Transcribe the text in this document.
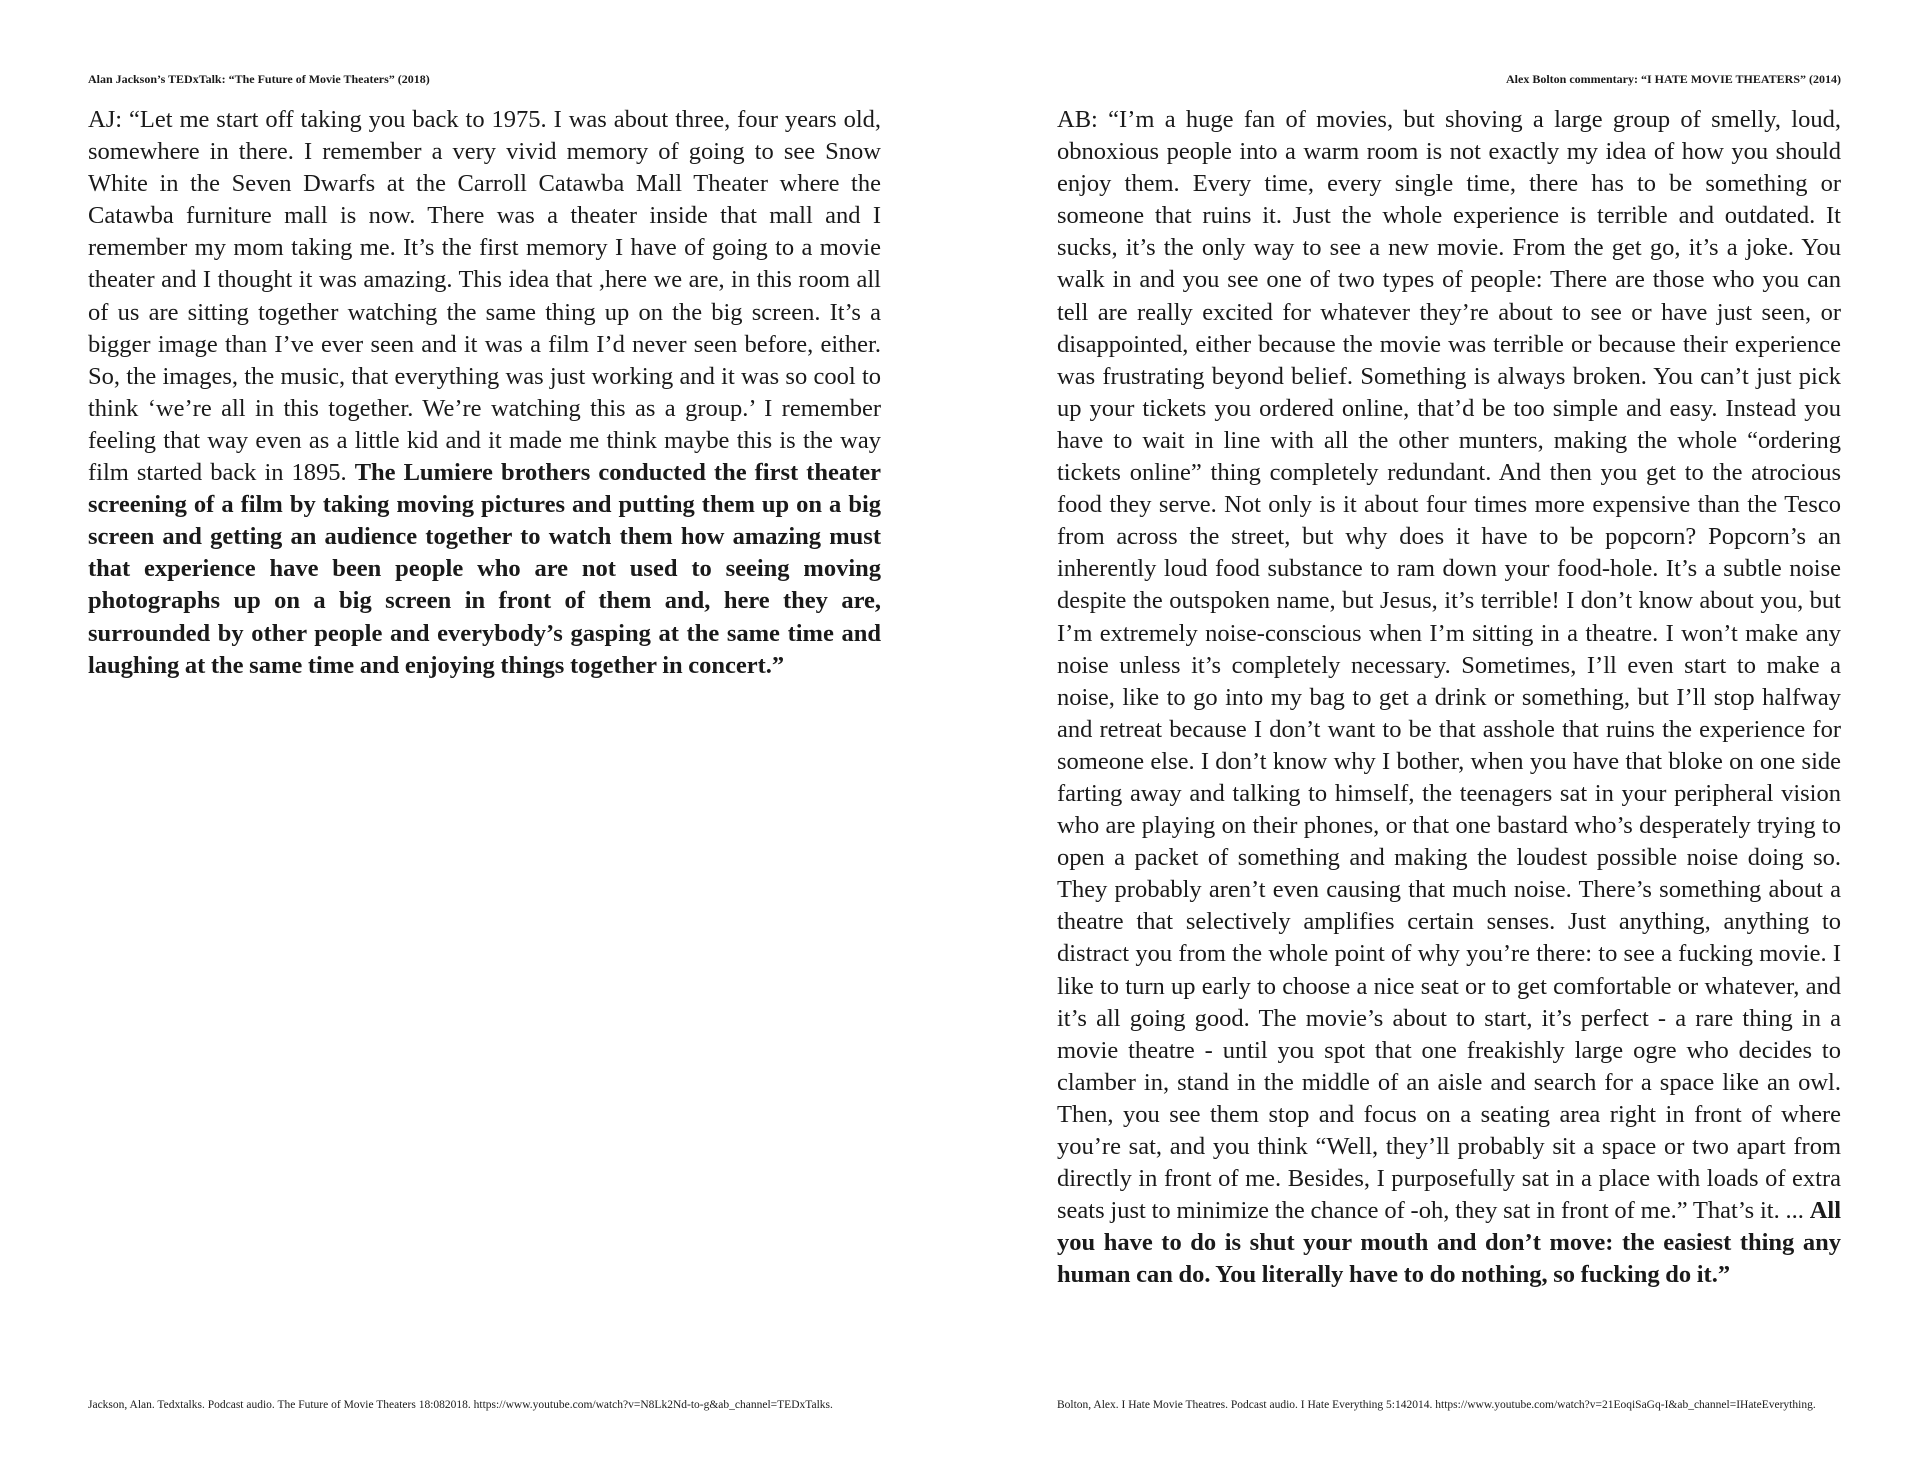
Alan Jackson’s TEDxTalk: “The Future of Movie Theaters” (2018)

AJ: “Let me start off taking you back to 1975. I was about three, four years old, somewhere in there. I remember a very vivid memory of going to see Snow White in the Seven Dwarfs at the Carroll Catawba Mall Theater where the Catawba furniture mall is now. There was a theater inside that mall and I remember my mom taking me. It’s the first memory I have of going to a movie theater and I thought it was amazing. This idea that ,here we are, in this room all of us are sitting together watching the same thing up on the big screen. It’s a bigger image than I’ve ever seen and it was a film I’d never seen before, either. So, the images, the music, that everything was just working and it was so cool to think ‘we’re all in this together. We’re watching this as a group.’ I remember feeling that way even as a little kid and it made me think maybe this is the way film started back in 1895. The Lumiere brothers conducted the first theater screening of a film by taking moving pictures and putting them up on a big screen and getting an audience together to watch them how amazing must that experience have been people who are not used to seeing moving photographs up on a big screen in front of them and, here they are, surrounded by other people and everybody’s gasping at the same time and laughing at the same time and enjoying things together in concert.”

Jackson, Alan. Tedxtalks. Podcast audio. The Future of Movie Theaters 18:082018. https://www.youtube.com/watch?v=N8Lk2Nd-to-g&ab_channel=TEDxTalks.

Alex Bolton commentary: “I HATE MOVIE THEATERS” (2014)

AB: “I’m a huge fan of movies, but shoving a large group of smelly, loud, obnoxious people into a warm room is not exactly my idea of how you should enjoy them. Every time, every single time, there has to be something or someone that ruins it. Just the whole experience is terrible and outdated. It sucks, it’s the only way to see a new movie. From the get go, it’s a joke. You walk in and you see one of two types of people: There are those who you can tell are really excited for whatever they’re about to see or have just seen, or disappointed, either because the movie was terrible or because their experience was frustrating beyond belief. Something is always broken. You can’t just pick up your tickets you ordered online, that’d be too simple and easy. Instead you have to wait in line with all the other munters, making the whole “ordering tickets online” thing completely redundant. And then you get to the atrocious food they serve. Not only is it about four times more expensive than the Tesco from across the street, but why does it have to be popcorn? Popcorn’s an inherently loud food substance to ram down your food-hole. It’s a subtle noise despite the outspoken name, but Jesus, it’s terrible! I don’t know about you, but I’m extremely noise-conscious when I’m sitting in a theatre. I won’t make any noise unless it’s completely necessary. Sometimes, I’ll even start to make a noise, like to go into my bag to get a drink or something, but I’ll stop halfway and retreat because I don’t want to be that asshole that ruins the experience for someone else. I don’t know why I bother, when you have that bloke on one side farting away and talking to himself, the teenagers sat in your peripheral vision who are playing on their phones, or that one bastard who’s desperately trying to open a packet of something and making the loudest possible noise doing so. They probably aren’t even causing that much noise. There’s something about a theatre that selectively amplifies certain senses. Just anything, anything to distract you from the whole point of why you’re there: to see a fucking movie. I like to turn up early to choose a nice seat or to get comfortable or whatever, and it’s all going good. The movie’s about to start, it’s perfect - a rare thing in a movie theatre - until you spot that one freakishly large ogre who decides to clamber in, stand in the middle of an aisle and search for a space like an owl. Then, you see them stop and focus on a seating area right in front of where you’re sat, and you think “Well, they’ll probably sit a space or two apart from directly in front of me. Besides, I purposefully sat in a place with loads of extra seats just to minimize the chance of -oh, they sat in front of me.” That’s it. ... All you have to do is shut your mouth and don’t move: the easiest thing any human can do. You literally have to do nothing, so fucking do it.”

Bolton, Alex. I Hate Movie Theatres. Podcast audio. I Hate Everything 5:142014. https://www.youtube.com/watch?v=21EoqiSaGq-I&ab_channel=IHateEverything.
